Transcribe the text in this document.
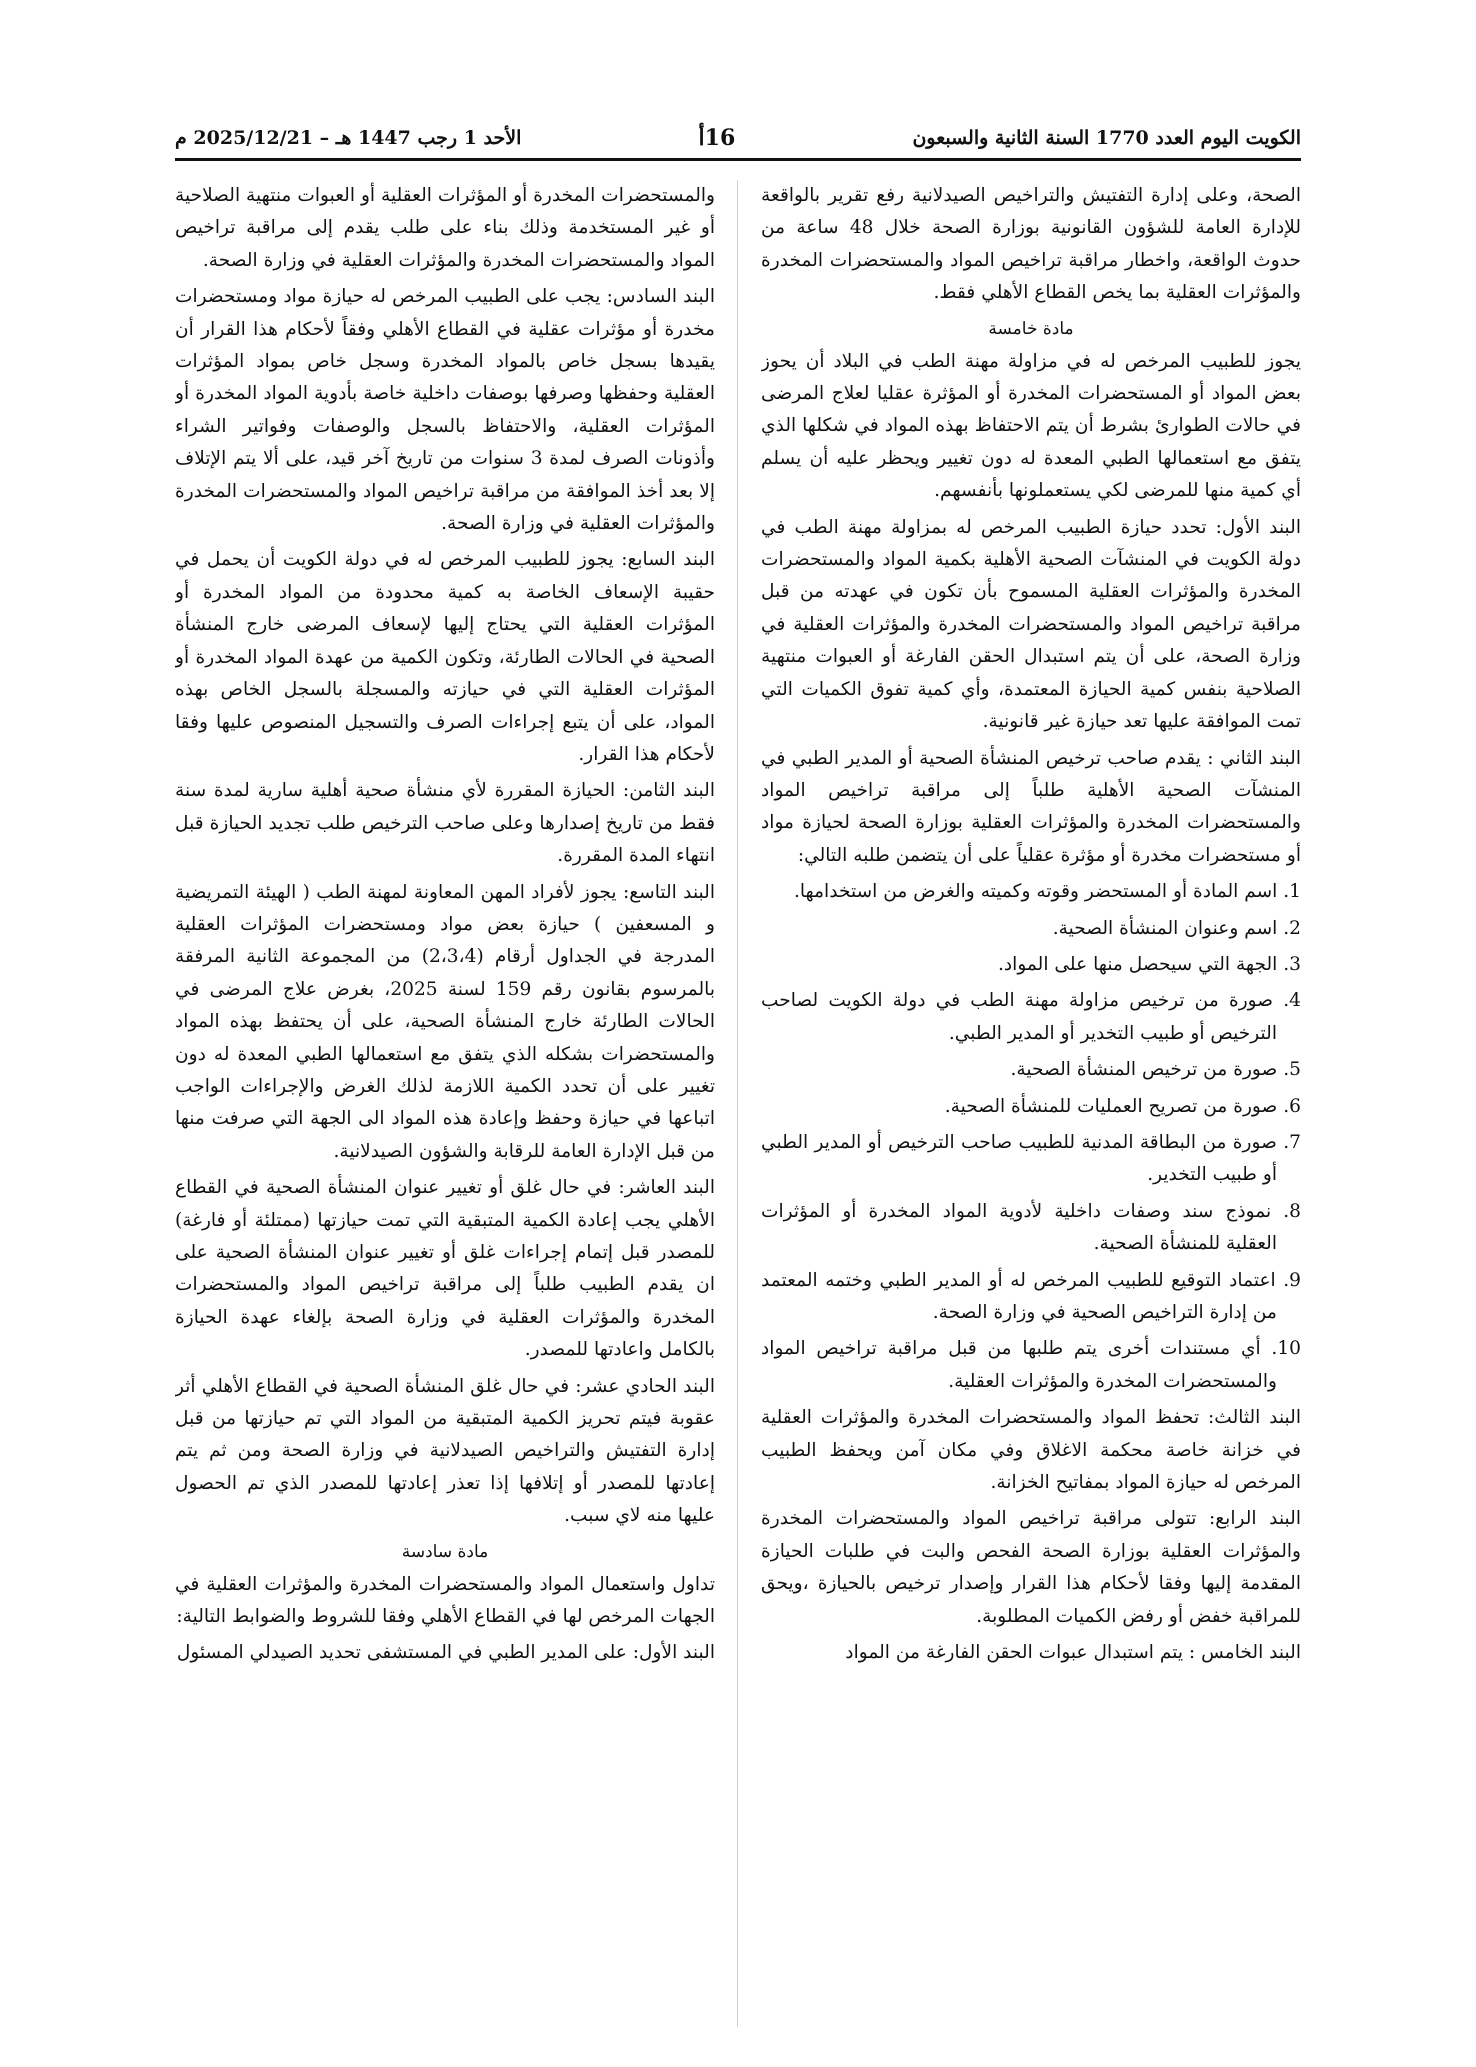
الكويت اليوم العدد 1770 السنة الثانية والسبعون
16أ
الأحد 1 رجب 1447 هـ – 2025/12/21 م

الصحة، وعلى إدارة التفتيش والتراخيص الصيدلانية رفع تقرير بالواقعة للإدارة العامة للشؤون القانونية بوزارة الصحة خلال 48 ساعة من حدوث الواقعة، واخطار مراقبة تراخيص المواد والمستحضرات المخدرة والمؤثرات العقلية بما يخص القطاع الأهلي فقط.

مادة خامسة

يجوز للطبيب المرخص له في مزاولة مهنة الطب في البلاد أن يحوز بعض المواد أو المستحضرات المخدرة أو المؤثرة عقليا لعلاج المرضى في حالات الطوارئ بشرط أن يتم الاحتفاظ بهذه المواد في شكلها الذي يتفق مع استعمالها الطبي المعدة له دون تغيير ويحظر عليه أن يسلم أي كمية منها للمرضى لكي يستعملونها بأنفسهم.

البند الأول: تحدد حيازة الطبيب المرخص له بمزاولة مهنة الطب في دولة الكويت في المنشآت الصحية الأهلية بكمية المواد والمستحضرات المخدرة والمؤثرات العقلية المسموح بأن تكون في عهدته من قبل مراقبة تراخيص المواد والمستحضرات المخدرة والمؤثرات العقلية في وزارة الصحة، على أن يتم استبدال الحقن الفارغة أو العبوات منتهية الصلاحية بنفس كمية الحيازة المعتمدة، وأي كمية تفوق الكميات التي تمت الموافقة عليها تعد حيازة غير قانونية.

البند الثاني : يقدم صاحب ترخيص المنشأة الصحية أو المدير الطبي في المنشآت الصحية الأهلية طلباً إلى مراقبة تراخيص المواد والمستحضرات المخدرة والمؤثرات العقلية بوزارة الصحة لحيازة مواد أو مستحضرات مخدرة أو مؤثرة عقلياً على أن يتضمن طلبه التالي:

1. اسم المادة أو المستحضر وقوته وكميته والغرض من استخدامها.

2. اسم وعنوان المنشأة الصحية.

3. الجهة التي سيحصل منها على المواد.

4. صورة من ترخيص مزاولة مهنة الطب في دولة الكويت لصاحب الترخيص أو طبيب التخدير أو المدير الطبي.

5. صورة من ترخيص المنشأة الصحية.

6. صورة من تصريح العمليات للمنشأة الصحية.

7. صورة من البطاقة المدنية للطبيب صاحب الترخيص أو المدير الطبي أو طبيب التخدير.

8. نموذج سند وصفات داخلية لأدوية المواد المخدرة أو المؤثرات العقلية للمنشأة الصحية.

9. اعتماد التوقيع للطبيب المرخص له أو المدير الطبي وختمه المعتمد من إدارة التراخيص الصحية في وزارة الصحة.

10. أي مستندات أخرى يتم طلبها من قبل مراقبة تراخيص المواد والمستحضرات المخدرة والمؤثرات العقلية.

البند الثالث: تحفظ المواد والمستحضرات المخدرة والمؤثرات العقلية في خزانة خاصة محكمة الاغلاق وفي مكان آمن ويحفظ الطبيب المرخص له حيازة المواد بمفاتيح الخزانة.

البند الرابع: تتولى مراقبة تراخيص المواد والمستحضرات المخدرة والمؤثرات العقلية بوزارة الصحة الفحص والبت في طلبات الحيازة المقدمة إليها وفقا لأحكام هذا القرار وإصدار ترخيص بالحيازة ،ويحق للمراقبة خفض أو رفض الكميات المطلوبة.

البند الخامس : يتم استبدال عبوات الحقن الفارغة من المواد

والمستحضرات المخدرة أو المؤثرات العقلية أو العبوات منتهية الصلاحية أو غير المستخدمة وذلك بناء على طلب يقدم إلى مراقبة تراخيص المواد والمستحضرات المخدرة والمؤثرات العقلية في وزارة الصحة.

البند السادس: يجب على الطبيب المرخص له حيازة مواد ومستحضرات مخدرة أو مؤثرات عقلية في القطاع الأهلي وفقاً لأحكام هذا القرار أن يقيدها بسجل خاص بالمواد المخدرة وسجل خاص بمواد المؤثرات العقلية وحفظها وصرفها بوصفات داخلية خاصة بأدوية المواد المخدرة أو المؤثرات العقلية، والاحتفاظ بالسجل والوصفات وفواتير الشراء وأذونات الصرف لمدة 3 سنوات من تاريخ آخر قيد، على ألا يتم الإتلاف إلا بعد أخذ الموافقة من مراقبة تراخيص المواد والمستحضرات المخدرة والمؤثرات العقلية في وزارة الصحة.

البند السابع: يجوز للطبيب المرخص له في دولة الكويت أن يحمل في حقيبة الإسعاف الخاصة به كمية محدودة من المواد المخدرة أو المؤثرات العقلية التي يحتاج إليها لإسعاف المرضى خارج المنشأة الصحية في الحالات الطارئة، وتكون الكمية من عهدة المواد المخدرة أو المؤثرات العقلية التي في حيازته والمسجلة بالسجل الخاص بهذه المواد، على أن يتبع إجراءات الصرف والتسجيل المنصوص عليها وفقا لأحكام هذا القرار.

البند الثامن: الحيازة المقررة لأي منشأة صحية أهلية سارية لمدة سنة فقط من تاريخ إصدارها وعلى صاحب الترخيص طلب تجديد الحيازة قبل انتهاء المدة المقررة.

البند التاسع: يجوز لأفراد المهن المعاونة لمهنة الطب ( الهيئة التمريضية و المسعفين ) حيازة بعض مواد ومستحضرات المؤثرات العقلية المدرجة في الجداول أرقام (2،3،4) من المجموعة الثانية المرفقة بالمرسوم بقانون رقم 159 لسنة 2025، بغرض علاج المرضى في الحالات الطارئة خارج المنشأة الصحية، على أن يحتفظ بهذه المواد والمستحضرات بشكله الذي يتفق مع استعمالها الطبي المعدة له دون تغيير على أن تحدد الكمية اللازمة لذلك الغرض والإجراءات الواجب اتباعها في حيازة وحفظ وإعادة هذه المواد الى الجهة التي صرفت منها من قبل الإدارة العامة للرقابة والشؤون الصيدلانية.

البند العاشر: في حال غلق أو تغيير عنوان المنشأة الصحية في القطاع الأهلي يجب إعادة الكمية المتبقية التي تمت حيازتها (ممتلئة أو فارغة) للمصدر قبل إتمام إجراءات غلق أو تغيير عنوان المنشأة الصحية على ان يقدم الطبيب طلباً إلى مراقبة تراخيص المواد والمستحضرات المخدرة والمؤثرات العقلية في وزارة الصحة بإلغاء عهدة الحيازة بالكامل واعادتها للمصدر.

البند الحادي عشر: في حال غلق المنشأة الصحية في القطاع الأهلي أثر عقوبة فيتم تحريز الكمية المتبقية من المواد التي تم حيازتها من قبل إدارة التفتيش والتراخيص الصيدلانية في وزارة الصحة ومن ثم يتم إعادتها للمصدر أو إتلافها إذا تعذر إعادتها للمصدر الذي تم الحصول عليها منه لاي سبب.

مادة سادسة

تداول واستعمال المواد والمستحضرات المخدرة والمؤثرات العقلية في الجهات المرخص لها في القطاع الأهلي وفقا للشروط والضوابط التالية:

البند الأول: على المدير الطبي في المستشفى تحديد الصيدلي المسئول
